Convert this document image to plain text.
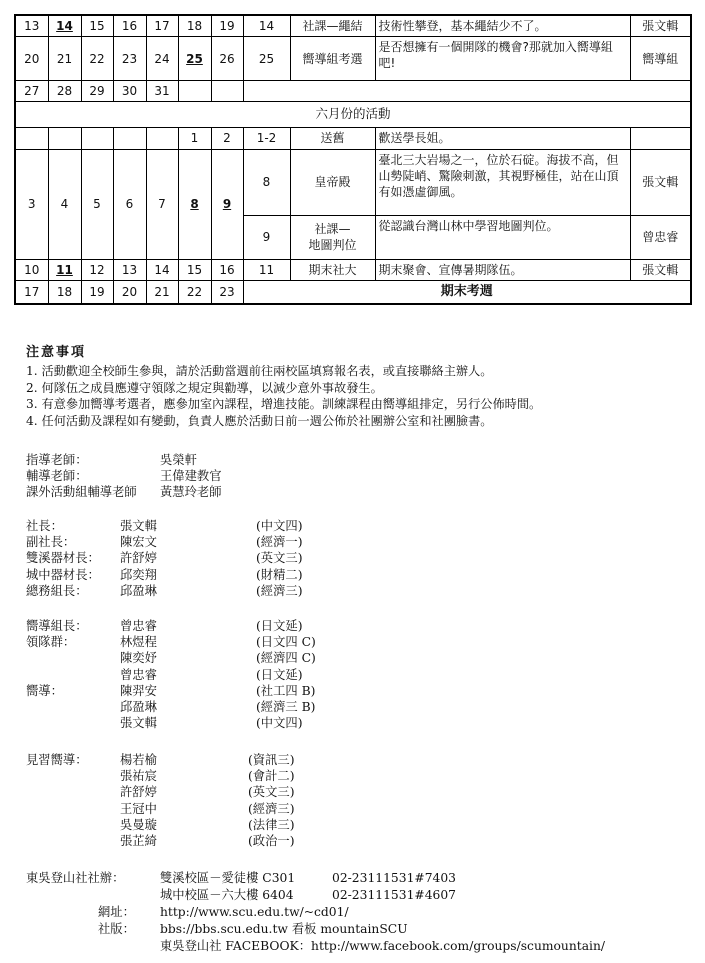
13	14	15	16	17	18	19	14	社課—繩結	技術性攀登，基本繩結少不了。	張文輯
20	21	22	23	24	25	26	25	嚮導組考選	是否想擁有一個開隊的機會?那就加入嚮導組吧!	嚮導組
27	28	29	30	31						
六月份的活動										
					1	2	1-2	送舊	歡送學長姐。	
3	4	5	6	7	8	9	8	皇帝殿	臺北三大岩場之一，位於石碇。海拔不高，但山勢陡峭、驚險刺激，其視野極佳，站在山頂有如憑虛御風。	張文輯
							9	社課—
地圖判位	從認識台灣山林中學習地圖判位。	曾忠睿
10	11	12	13	14	15	16	11	期末社大	期末聚會、宣傳暑期隊伍。	張文輯
17	18	19	20	21	22	23	期末考週			
注意事項
1. 活動歡迎全校師生參與，請於活動當週前往兩校區填寫報名表，或直接聯絡主辦人。
2. 何隊伍之成員應遵守領隊之規定與勸導，以減少意外事故發生。
3. 有意參加嚮導考選者，應參加室內課程，增進技能。訓練課程由嚮導組排定，另行公佈時間。
4. 任何活動及課程如有變動，負責人應於活動日前一週公佈於社團辦公室和社團臉書。
指導老師：	吳榮軒
輔導老師：	王偉建教官
課外活動組輔導老師 黃慧玲老師
社長：	張文輯	(中文四)
副社長：	陳宏文	(經濟一)
雙溪器材長： 許舒婷	(英文三)
城中器材長： 邱奕翔	(財精二)
總務組長：	邱盈琳	(經濟三)
嚮導組長：	曾忠睿	(日文延)
領隊群：	林煜程	(日文四 C)
陳奕妤	(經濟四 C)
曾忠睿	(日文延)
嚮導：	陳羿安	(社工四 B)
邱盈琳	(經濟三 B)
張文輯	(中文四)
見習嚮導：	楊若榆	(資訊三)
張祐宸	(會計二)
許舒婷	(英文三)
王冠中	(經濟三)
吳曼璇	(法律三)
張芷綺	(政治一)
東吳登山社社辦：	雙溪校區－愛徒樓 C301	02-23111531#7403
城中校區－六大樓 6404	02-23111531#4607
網址： http://www.scu.edu.tw/~cd01/
社版： bbs://bbs.scu.edu.tw 看板 mountainSCU
東吳登山社 FACEBOOK：http://www.facebook.com/groups/scumountain/
